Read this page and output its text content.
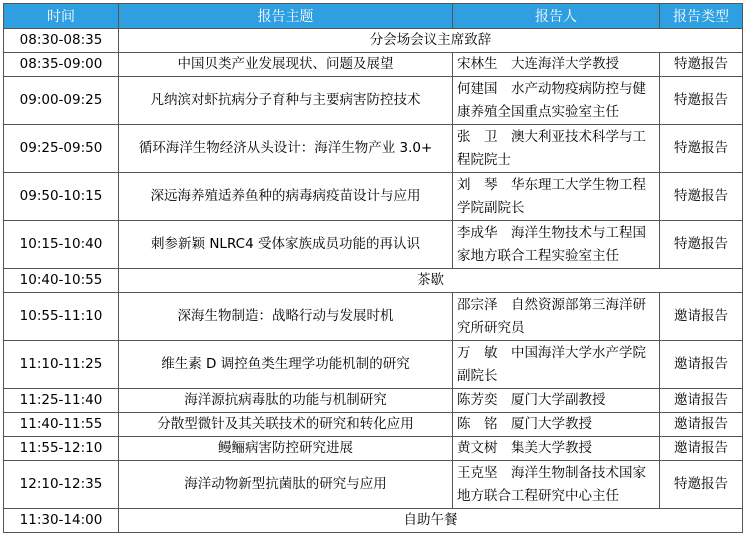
时间	报告主题	报告人	报告类型
08:30-08:35	分会场会议主席致辞		
08:35-09:00	中国贝类产业发展现状、问题及展望	宋林生　大连海洋大学教授	特邀报告
09:00-09:25	凡纳滨对虾抗病分子育种与主要病害防控技术	何建国　水产动物疫病防控与健康养殖全国重点实验室主任	特邀报告
09:25-09:50	循环海洋生物经济从头设计：海洋生物产业 3.0+	张　卫　澳大利亚技术科学与工程院院士	特邀报告
09:50-10:15	深远海养殖适养鱼种的病毒病疫苗设计与应用	刘　琴　华东理工大学生物工程学院副院长	特邀报告
10:15-10:40	刺参新颖 NLRC4 受体家族成员功能的再认识	李成华　海洋生物技术与工程国家地方联合工程实验室主任	特邀报告
10:40-10:55	茶歇		
10:55-11:10	深海生物制造：战略行动与发展时机	邵宗泽　自然资源部第三海洋研究所研究员	邀请报告
11:10-11:25	维生素 D 调控鱼类生理学功能机制的研究	万　敏　中国海洋大学水产学院副院长	邀请报告
11:25-11:40	海洋源抗病毒肽的功能与机制研究	陈芳奕　厦门大学副教授	邀请报告
11:40-11:55	分散型微针及其关联技术的研究和转化应用	陈　铭　厦门大学教授	邀请报告
11:55-12:10	鳗鲡病害防控研究进展	黄文树　集美大学教授	邀请报告
12:10-12:35	海洋动物新型抗菌肽的研究与应用	王克坚　海洋生物制备技术国家地方联合工程研究中心主任	特邀报告
11:30-14:00	自助午餐		
